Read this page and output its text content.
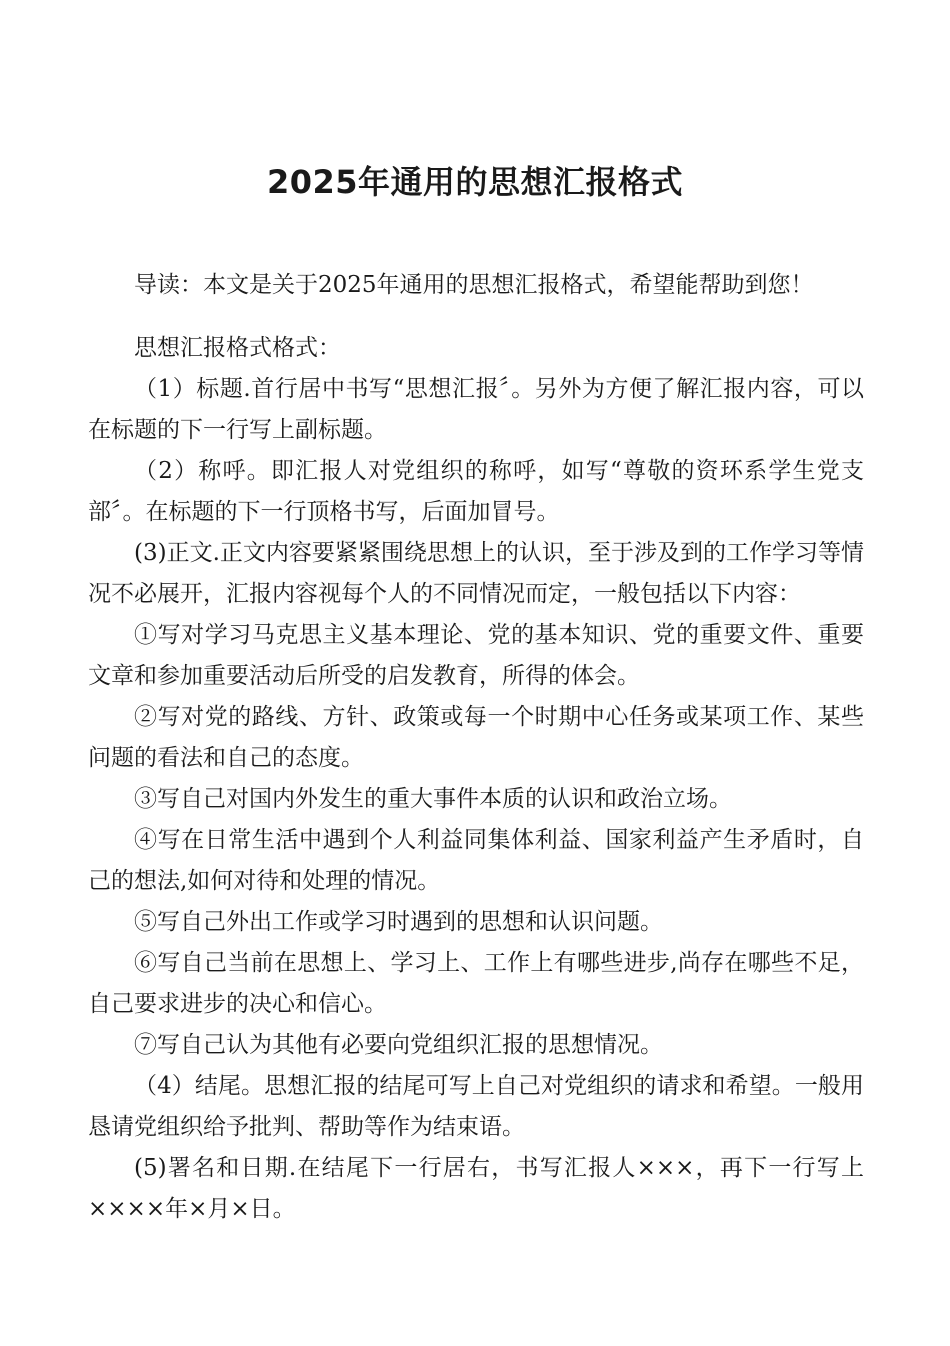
2025年通用的思想汇报格式

导读：本文是关于2025年通用的思想汇报格式，希望能帮助到您！

思想汇报格式格式：

（1）标题.首行居中书写“思想汇报〞。另外为方便了解汇报内容，可以在标题的下一行写上副标题。

（2）称呼。即汇报人对党组织的称呼，如写“尊敬的资环系学生党支部〞。在标题的下一行顶格书写，后面加冒号。

(3)正文.正文内容要紧紧围绕思想上的认识，至于涉及到的工作学习等情况不必展开，汇报内容视每个人的不同情况而定，一般包括以下内容：

①写对学习马克思主义基本理论、党的基本知识、党的重要文件、重要文章和参加重要活动后所受的启发教育，所得的体会。

②写对党的路线、方针、政策或每一个时期中心任务或某项工作、某些问题的看法和自己的态度。

③写自己对国内外发生的重大事件本质的认识和政治立场。

④写在日常生活中遇到个人利益同集体利益、国家利益产生矛盾时，自己的想法,如何对待和处理的情况。

⑤写自己外出工作或学习时遇到的思想和认识问题。

⑥写自己当前在思想上、学习上、工作上有哪些进步,尚存在哪些不足，自己要求进步的决心和信心。

⑦写自己认为其他有必要向党组织汇报的思想情况。

（4）结尾。思想汇报的结尾可写上自己对党组织的请求和希望。一般用恳请党组织给予批判、帮助等作为结束语。

(5)署名和日期.在结尾下一行居右，书写汇报人×××，再下一行写上××××年×月×日。
